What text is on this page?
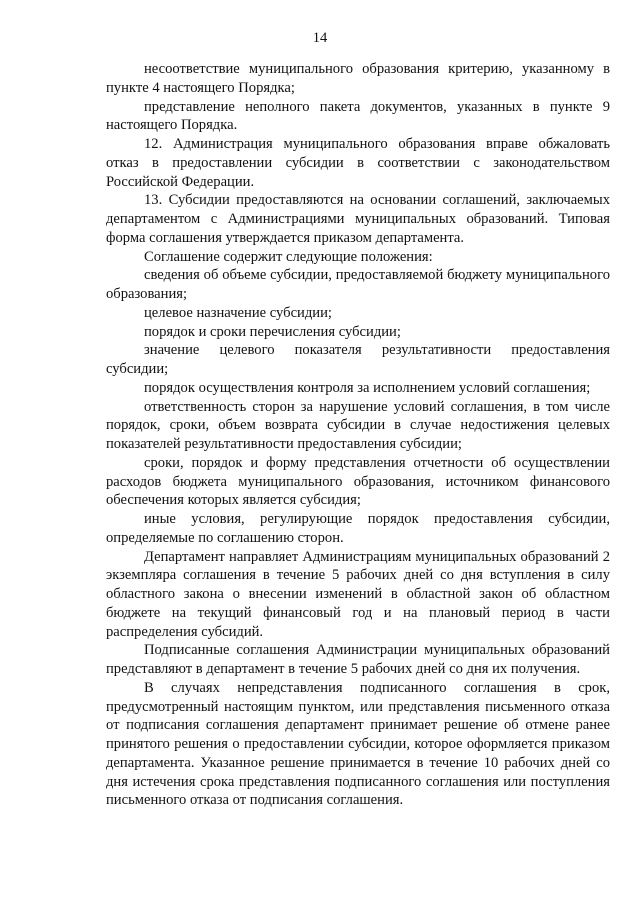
14

несоответствие муниципального образования критерию, указанному в пункте 4 настоящего Порядка;

представление неполного пакета документов, указанных в пункте 9 настоящего Порядка.

12. Администрация муниципального образования вправе обжаловать отказ в предоставлении субсидии в соответствии с законодательством Российской Федерации.

13. Субсидии предоставляются на основании соглашений, заключаемых департаментом с Администрациями муниципальных образований. Типовая форма соглашения утверждается приказом департамента.

Соглашение содержит следующие положения:

сведения об объеме субсидии, предоставляемой бюджету муниципального образования;

целевое назначение субсидии;

порядок и сроки перечисления субсидии;

значение целевого показателя результативности предоставления субсидии;

порядок осуществления контроля за исполнением условий соглашения;

ответственность сторон за нарушение условий соглашения, в том числе порядок, сроки, объем возврата субсидии в случае недостижения целевых показателей результативности предоставления субсидии;

сроки, порядок и форму представления отчетности об осуществлении расходов бюджета муниципального образования, источником финансового обеспечения которых является субсидия;

иные условия, регулирующие порядок предоставления субсидии, определяемые по соглашению сторон.

Департамент направляет Администрациям муниципальных образований 2 экземпляра соглашения в течение 5 рабочих дней со дня вступления в силу областного закона о внесении изменений в областной закон об областном бюджете на текущий финансовый год и на плановый период в части распределения субсидий.

Подписанные соглашения Администрации муниципальных образований представляют в департамент в течение 5 рабочих дней со дня их получения.

В случаях непредставления подписанного соглашения в срок, предусмотренный настоящим пунктом, или представления письменного отказа от подписания соглашения департамент принимает решение об отмене ранее принятого решения о предоставлении субсидии, которое оформляется приказом департамента. Указанное решение принимается в течение 10 рабочих дней со дня истечения срока представления подписанного соглашения или поступления письменного отказа от подписания соглашения.
